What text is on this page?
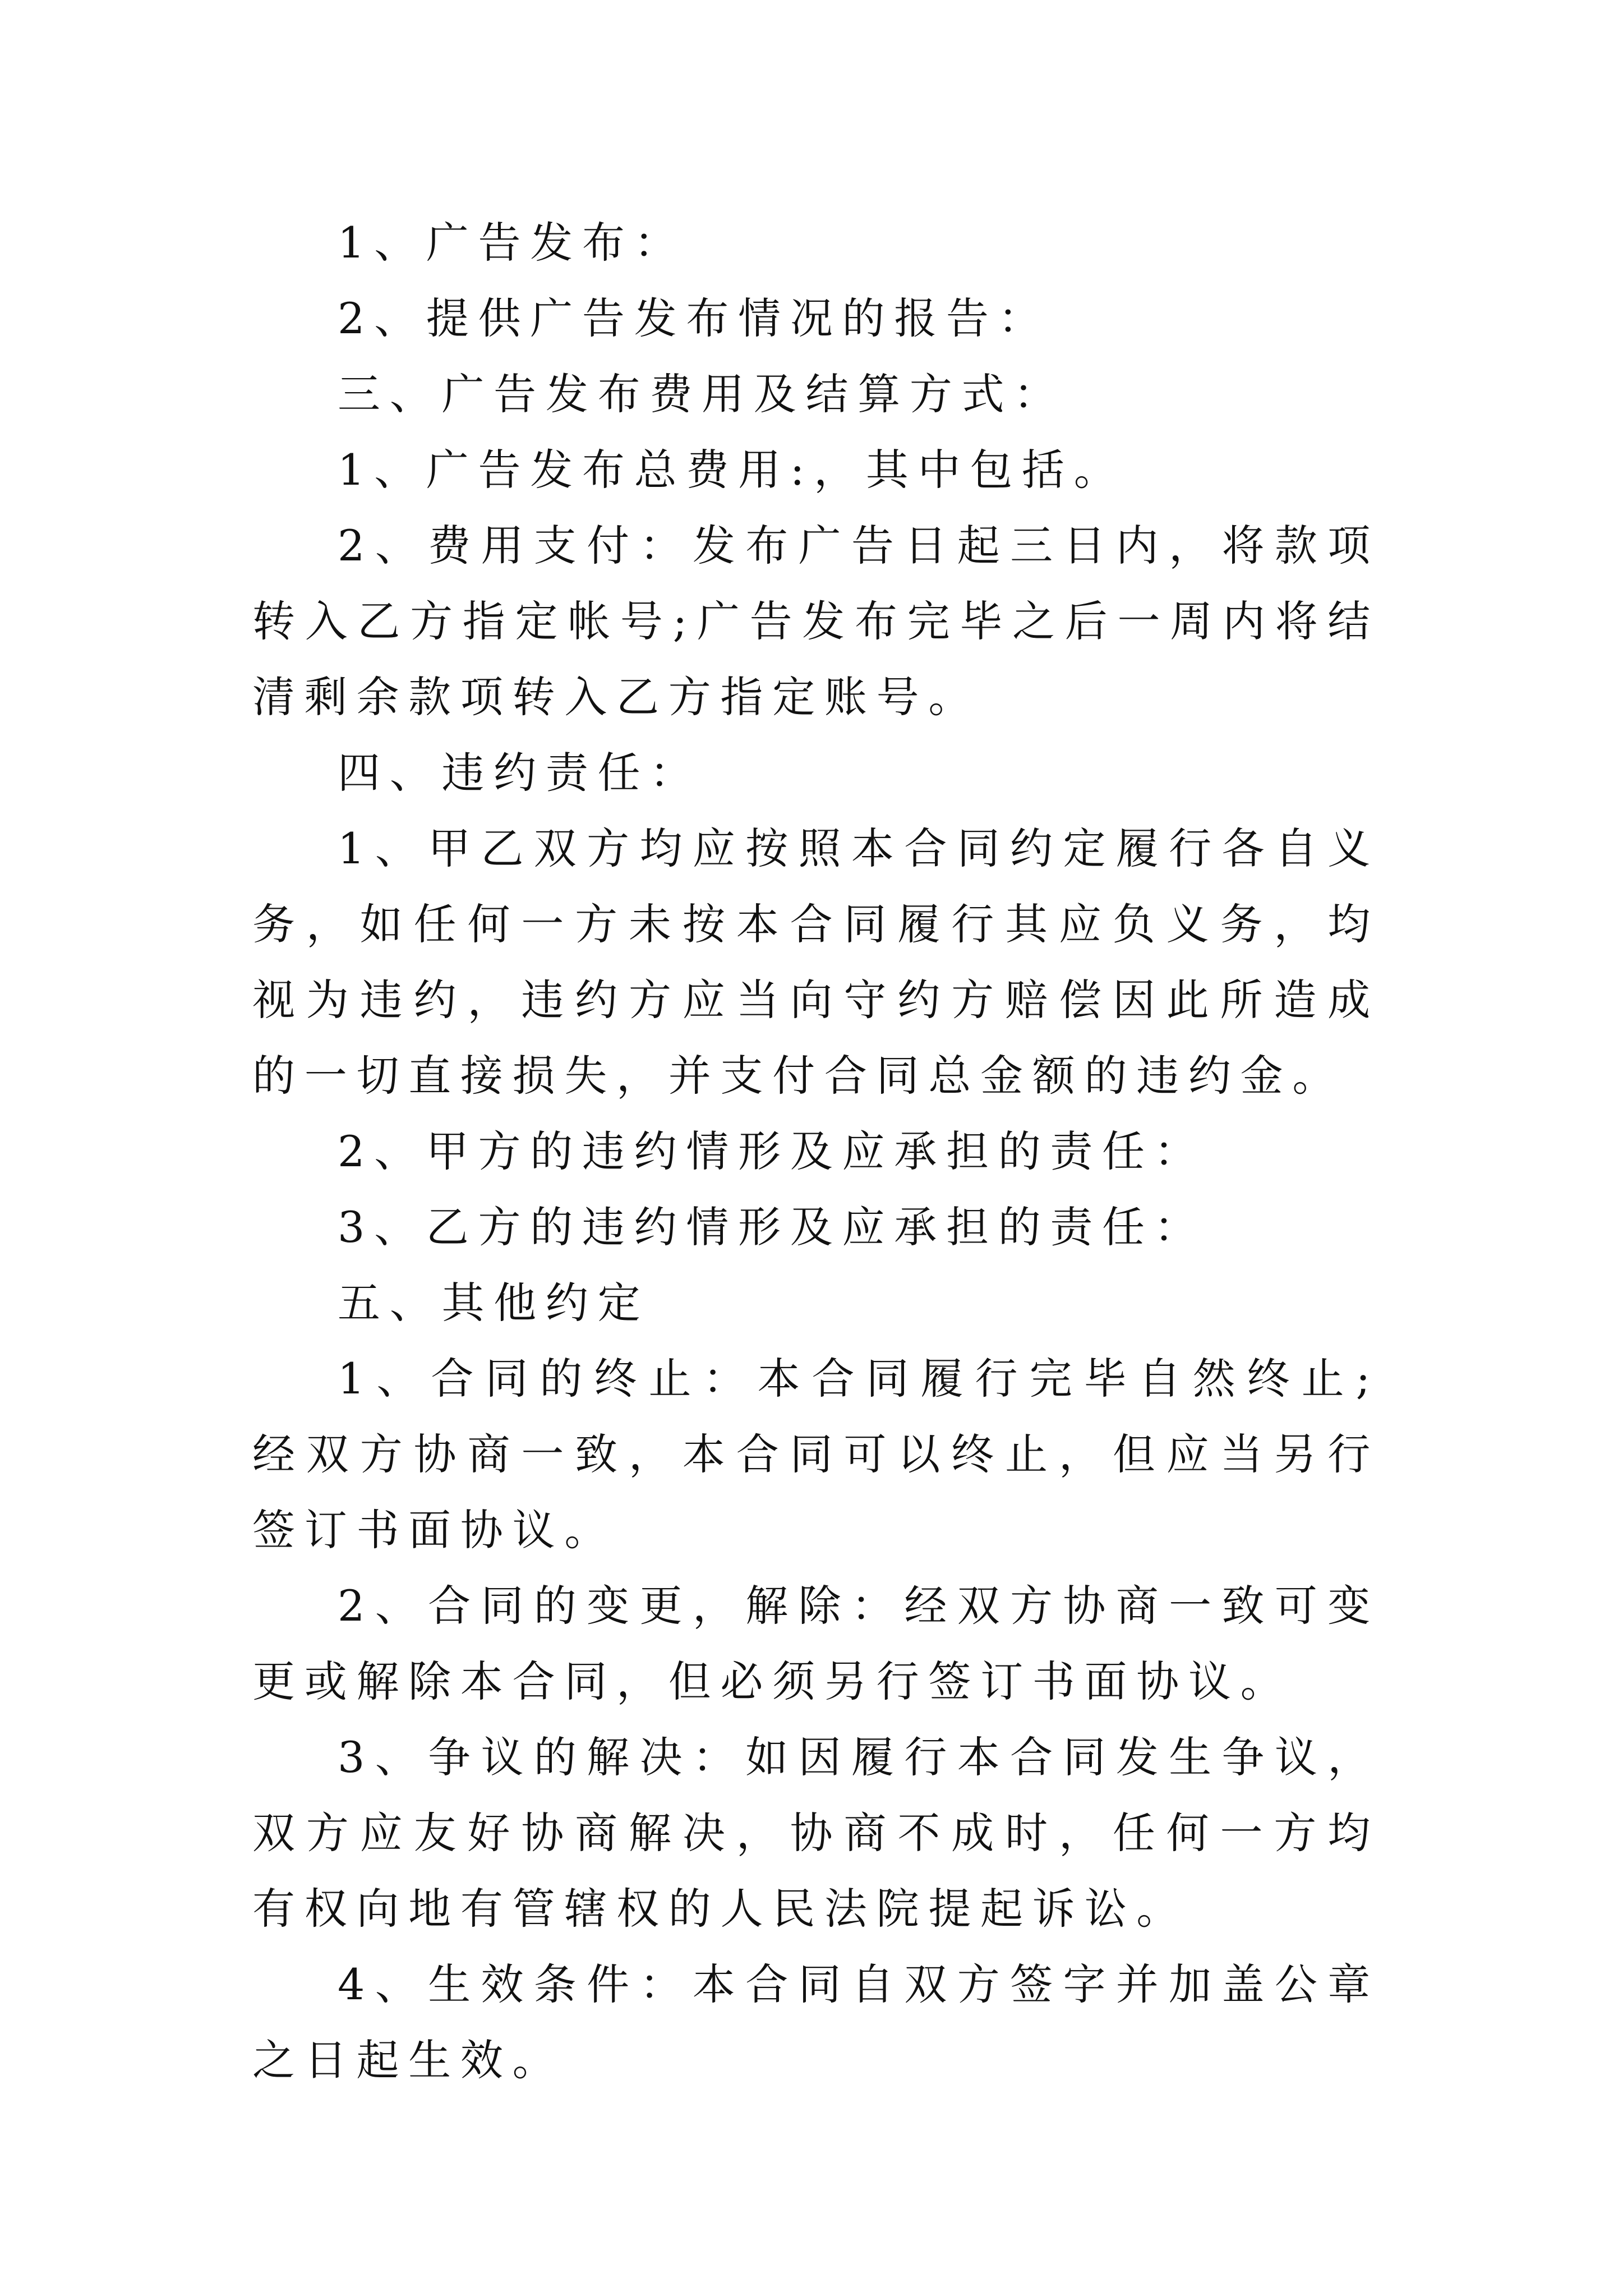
1、广告发布：

2、提供广告发布情况的报告：

三、广告发布费用及结算方式：

1、广告发布总费用:，其中包括。

2、费用支付：发布广告日起三日内，将款项转入乙方指定帐号;广告发布完毕之后一周内将结清剩余款项转入乙方指定账号。

四、违约责任：

1、甲乙双方均应按照本合同约定履行各自义务，如任何一方未按本合同履行其应负义务，均视为违约，违约方应当向守约方赔偿因此所造成的一切直接损失，并支付合同总金额的违约金。

2、甲方的违约情形及应承担的责任：

3、乙方的违约情形及应承担的责任：

五、其他约定

1、合同的终止：本合同履行完毕自然终止;经双方协商一致，本合同可以终止，但应当另行签订书面协议。

2、合同的变更，解除：经双方协商一致可变更或解除本合同，但必须另行签订书面协议。

3、争议的解决：如因履行本合同发生争议，双方应友好协商解决，协商不成时，任何一方均有权向地有管辖权的人民法院提起诉讼。

4、生效条件：本合同自双方签字并加盖公章之日起生效。
